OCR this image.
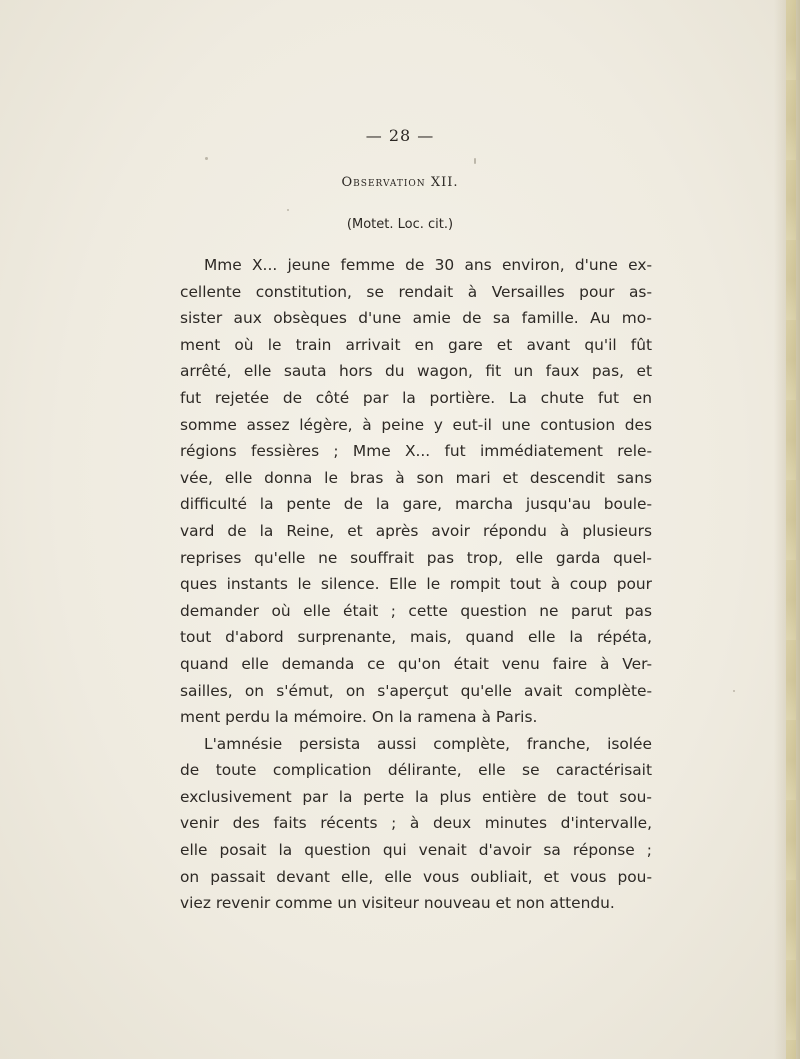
— 28 —
Observation XII.
(Motet. Loc. cit.)
Mme X... jeune femme de 30 ans environ, d'une ex-
cellente constitution, se rendait à Versailles pour as-
sister aux obsèques d'une amie de sa famille. Au mo-
ment où le train arrivait en gare et avant qu'il fût
arrêté, elle sauta hors du wagon, fit un faux pas, et
fut rejetée de côté par la portière. La chute fut en
somme assez légère, à peine y eut-il une contusion des
régions fessières ; Mme X... fut immédiatement rele-
vée, elle donna le bras à son mari et descendit sans
difficulté la pente de la gare, marcha jusqu'au boule-
vard de la Reine, et après avoir répondu à plusieurs
reprises qu'elle ne souffrait pas trop, elle garda quel-
ques instants le silence. Elle le rompit tout à coup pour
demander où elle était ; cette question ne parut pas
tout d'abord surprenante, mais, quand elle la répéta,
quand elle demanda ce qu'on était venu faire à Ver-
sailles, on s'émut, on s'aperçut qu'elle avait complète-
ment perdu la mémoire. On la ramena à Paris.
L'amnésie persista aussi complète, franche, isolée
de toute complication délirante, elle se caractérisait
exclusivement par la perte la plus entière de tout sou-
venir des faits récents ; à deux minutes d'intervalle,
elle posait la question qui venait d'avoir sa réponse ;
on passait devant elle, elle vous oubliait, et vous pou-
viez revenir comme un visiteur nouveau et non attendu.
